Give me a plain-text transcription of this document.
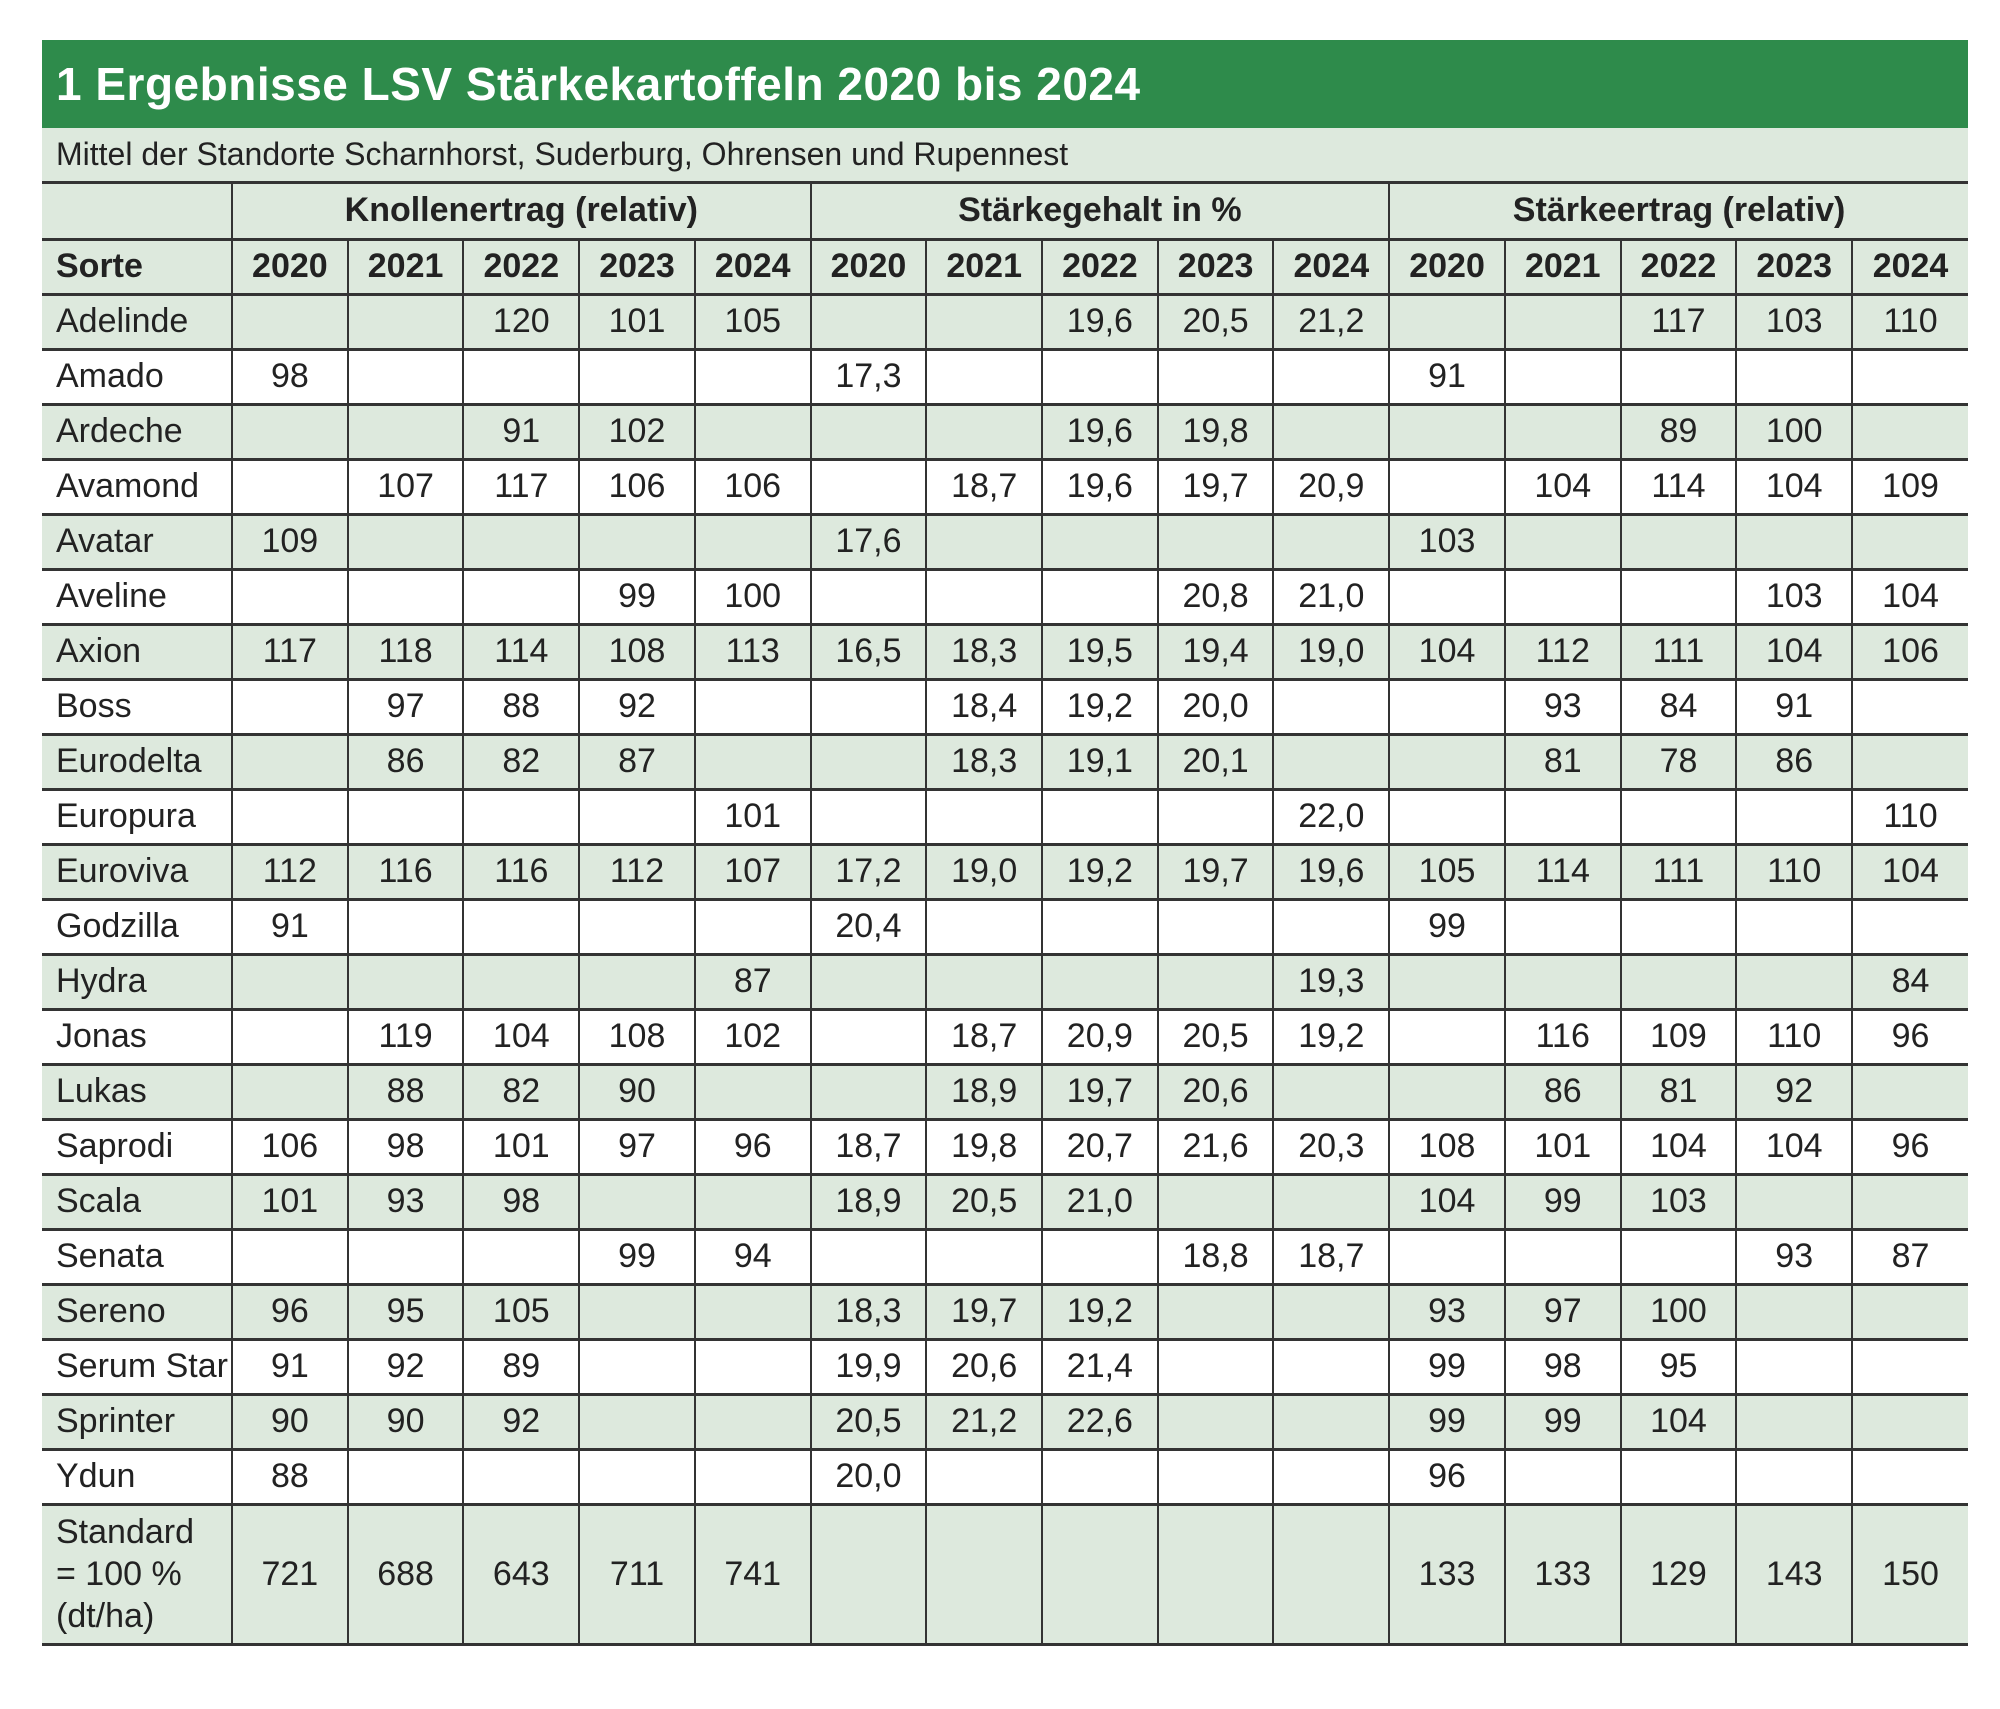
1 Ergebnisse LSV Stärkekartoffeln 2020 bis 2024
Mittel der Standorte Scharnhorst, Suderburg, Ohrensen und Rupennest
	Knollenertrag (relativ)					Stärkegehalt in %					Stärkeertrag (relativ)				
Sorte	2020	2021	2022	2023	2024	2020	2021	2022	2023	2024	2020	2021	2022	2023	2024
Adelinde			120	101	105			19,6	20,5	21,2			117	103	110
Amado	98					17,3					91				
Ardeche			91	102				19,6	19,8				89	100	
Avamond		107	117	106	106		18,7	19,6	19,7	20,9		104	114	104	109
Avatar	109					17,6					103				
Aveline				99	100				20,8	21,0				103	104
Axion	117	118	114	108	113	16,5	18,3	19,5	19,4	19,0	104	112	111	104	106
Boss		97	88	92			18,4	19,2	20,0			93	84	91	
Eurodelta		86	82	87			18,3	19,1	20,1			81	78	86	
Europura					101					22,0					110
Euroviva	112	116	116	112	107	17,2	19,0	19,2	19,7	19,6	105	114	111	110	104
Godzilla	91					20,4					99				
Hydra					87					19,3					84
Jonas		119	104	108	102		18,7	20,9	20,5	19,2		116	109	110	96
Lukas		88	82	90			18,9	19,7	20,6			86	81	92	
Saprodi	106	98	101	97	96	18,7	19,8	20,7	21,6	20,3	108	101	104	104	96
Scala	101	93	98			18,9	20,5	21,0			104	99	103		
Senata				99	94				18,8	18,7				93	87
Sereno	96	95	105			18,3	19,7	19,2			93	97	100		
Serum Star	91	92	89			19,9	20,6	21,4			99	98	95		
Sprinter	90	90	92			20,5	21,2	22,6			99	99	104		
Ydun	88					20,0					96				

Standard
= 100 %
(dt/ha)	721	688	643	711	741						133	133	129	143	150
